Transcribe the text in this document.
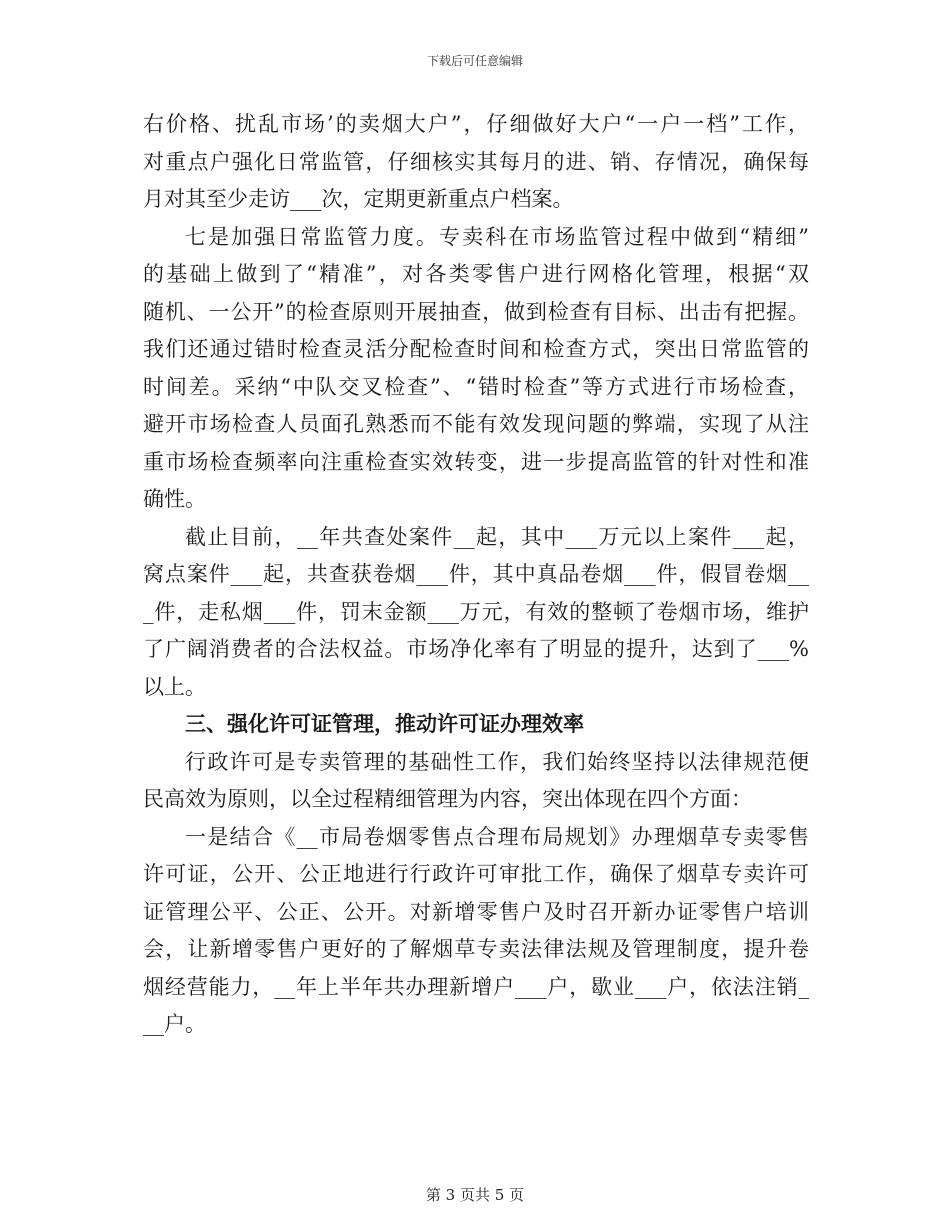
下载后可任意编辑
右价格、扰乱市场’的卖烟大户”，仔细做好大户“一户一档”工作，
对重点户强化日常监管，仔细核实其每月的进、销、存情况，确保每
月对其至少走访___次，定期更新重点户档案。
七是加强日常监管力度。专卖科在市场监管过程中做到“精细”
的基础上做到了“精准”，对各类零售户进行网格化管理，根据“双
随机、一公开”的检查原则开展抽查，做到检查有目标、出击有把握。
我们还通过错时检查灵活分配检查时间和检查方式，突出日常监管的
时间差。采纳“中队交叉检查”、“错时检查”等方式进行市场检查，
避开市场检查人员面孔熟悉而不能有效发现问题的弊端，实现了从注
重市场检查频率向注重检查实效转变，进一步提高监管的针对性和准
确性。
截止目前，__年共查处案件__起，其中___万元以上案件___起，
窝点案件___起，共查获卷烟___件，其中真品卷烟___件，假冒卷烟__
_件，走私烟___件，罚末金额___万元，有效的整顿了卷烟市场，维护
了广阔消费者的合法权益。市场净化率有了明显的提升，达到了___%
以上。
三、强化许可证管理，推动许可证办理效率
行政许可是专卖管理的基础性工作，我们始终坚持以法律规范便
民高效为原则，以全过程精细管理为内容，突出体现在四个方面：
一是结合《__市局卷烟零售点合理布局规划》办理烟草专卖零售
许可证，公开、公正地进行行政许可审批工作，确保了烟草专卖许可
证管理公平、公正、公开。对新增零售户及时召开新办证零售户培训
会，让新增零售户更好的了解烟草专卖法律法规及管理制度，提升卷
烟经营能力，__年上半年共办理新增户___户，歇业___户，依法注销_
__户。
第 3 页共 5 页
